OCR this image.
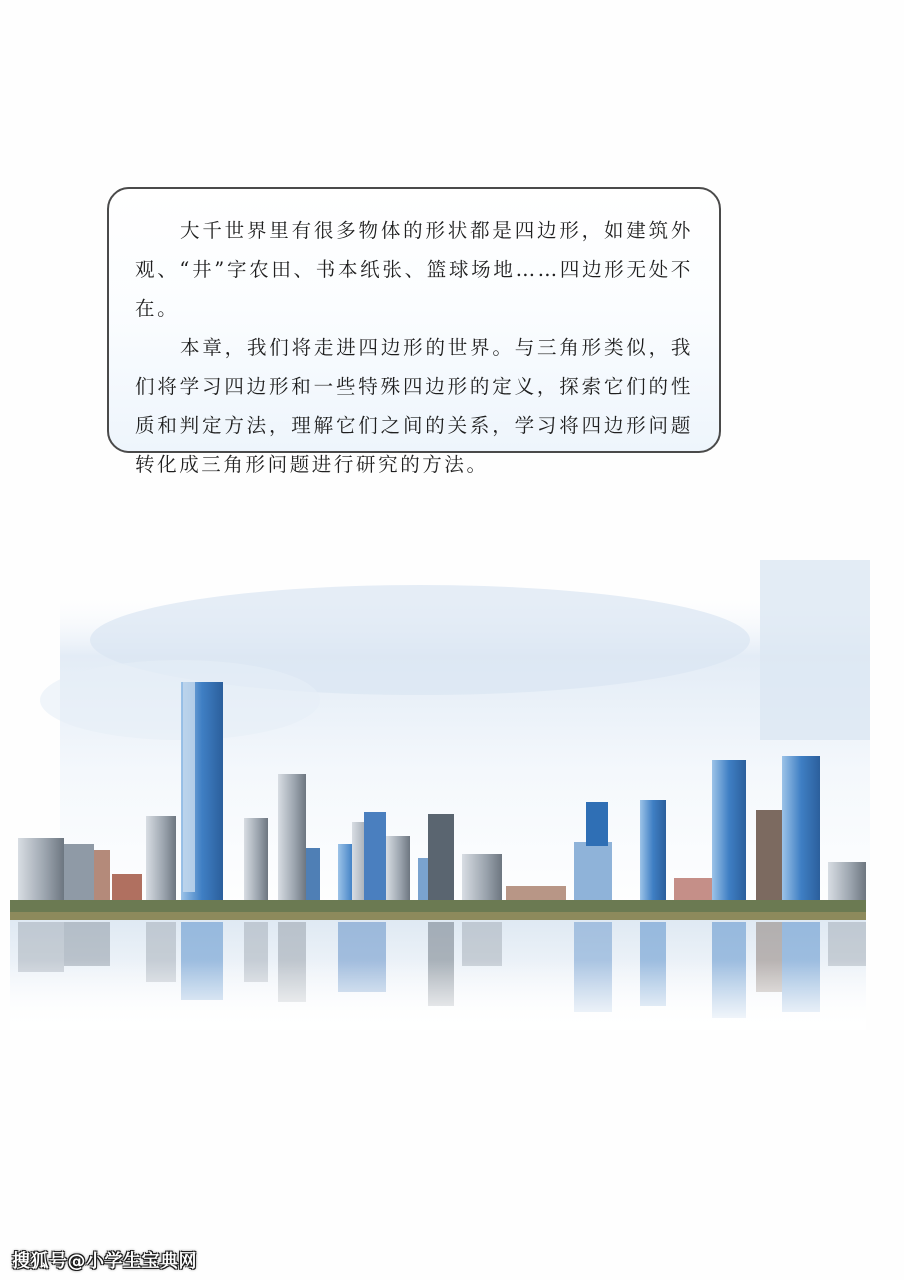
大千世界里有很多物体的形状都是四边形，如建筑外观、“井”字农田、书本纸张、篮球场地……四边形无处不在。

本章，我们将走进四边形的世界。与三角形类似，我们将学习四边形和一些特殊四边形的定义，探索它们的性质和判定方法，理解它们之间的关系，学习将四边形问题转化成三角形问题进行研究的方法。

搜狐号@小学生宝典网
